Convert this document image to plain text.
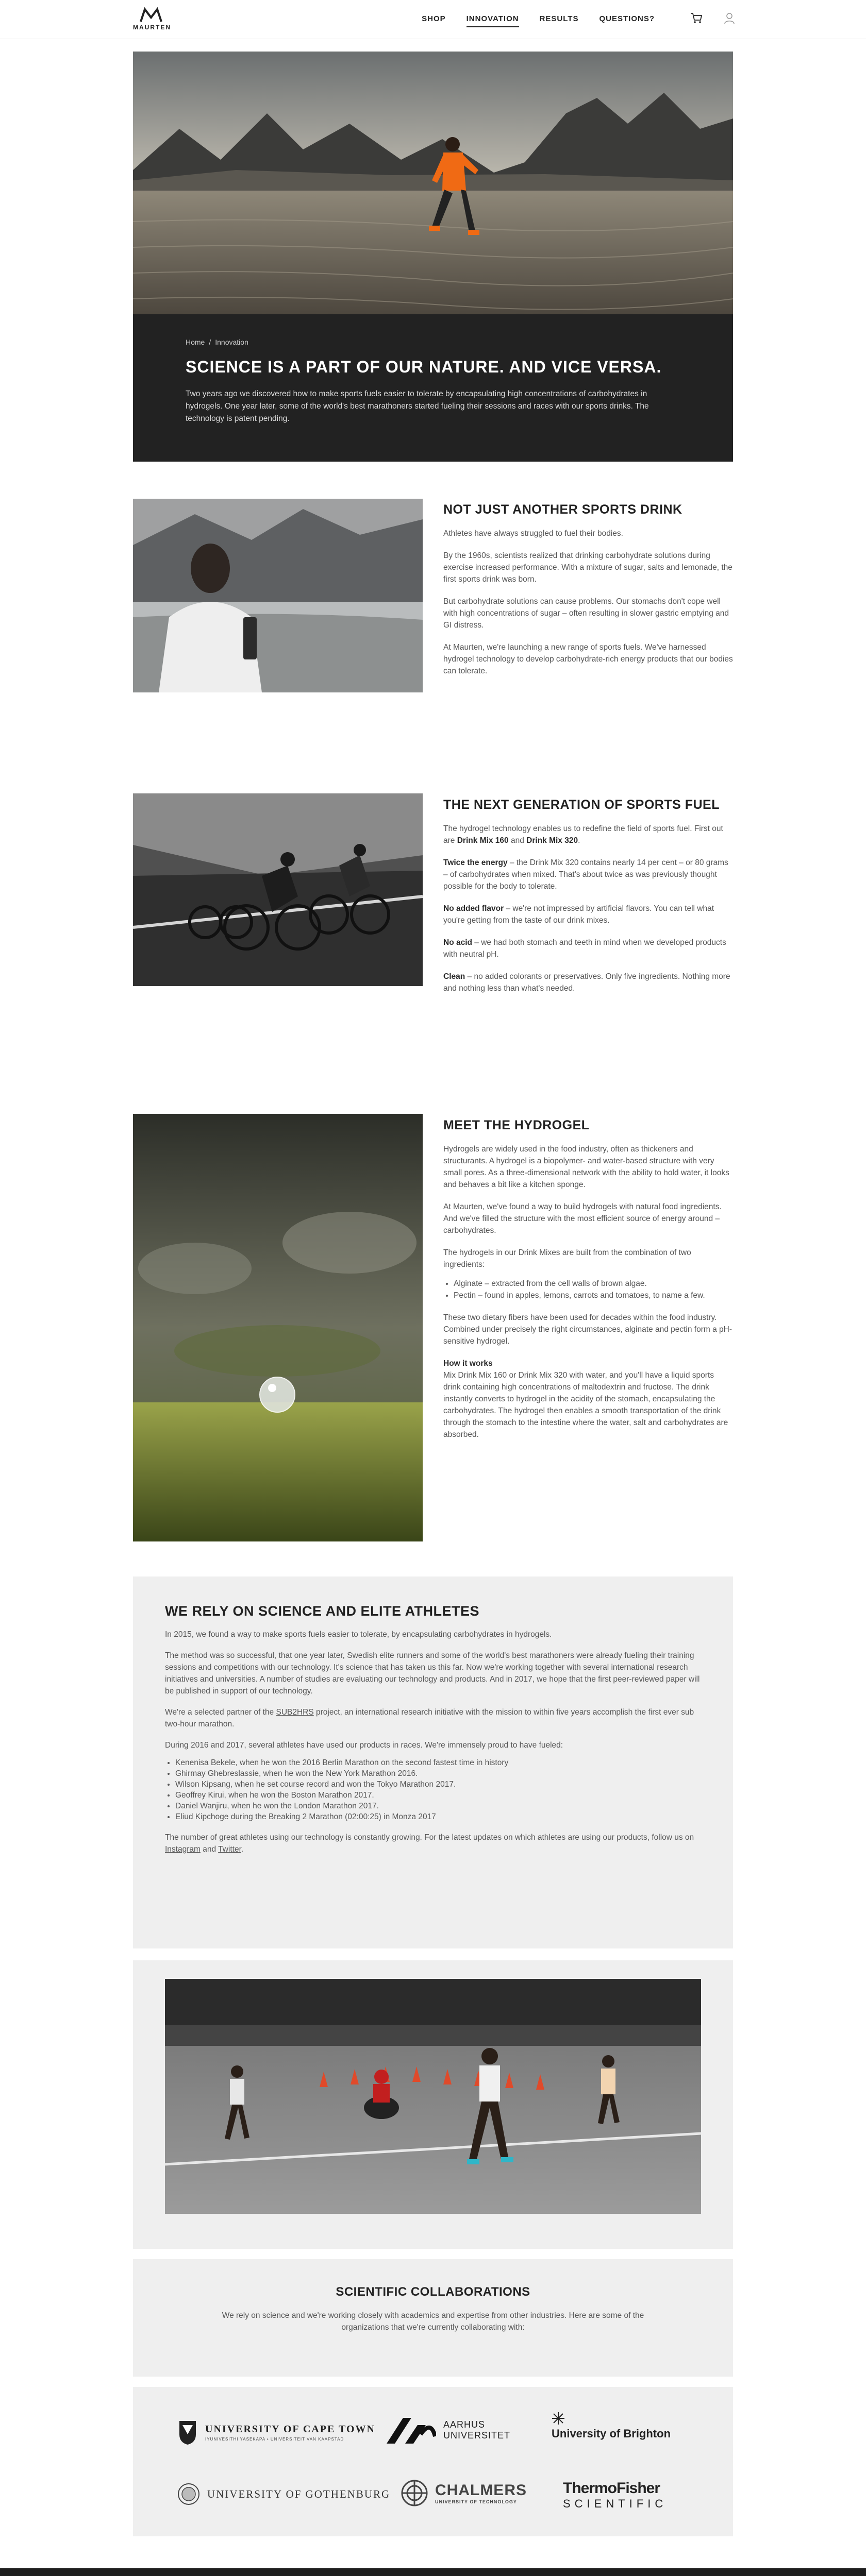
MAURTEN
SHOP	INNOVATION	RESULTS	QUESTIONS?
Home / Innovation
SCIENCE IS A PART OF OUR NATURE. AND VICE VERSA.

Two years ago we discovered how to make sports fuels easier to tolerate by encapsulating high concentrations of carbohydrates in hydrogels. One year later, some of the world's best marathoners started fueling their sessions and races with our sports drinks. The technology is patent pending.

NOT JUST ANOTHER SPORTS DRINK

Athletes have always struggled to fuel their bodies.

By the 1960s, scientists realized that drinking carbohydrate solutions during exercise increased performance. With a mixture of sugar, salts and lemonade, the first sports drink was born.

But carbohydrate solutions can cause problems. Our stomachs don't cope well with high concentrations of sugar – often resulting in slower gastric emptying and GI distress.

At Maurten, we're launching a new range of sports fuels. We've harnessed hydrogel technology to develop carbohydrate-rich energy products that our bodies can tolerate.

THE NEXT GENERATION OF SPORTS FUEL

The hydrogel technology enables us to redefine the field of sports fuel. First out are Drink Mix 160 and Drink Mix 320.

Twice the energy – the Drink Mix 320 contains nearly 14 per cent – or 80 grams – of carbohydrates when mixed. That's about twice as was previously thought possible for the body to tolerate.

No added flavor – we're not impressed by artificial flavors. You can tell what you're getting from the taste of our drink mixes.

No acid – we had both stomach and teeth in mind when we developed products with neutral pH.

Clean – no added colorants or preservatives. Only five ingredients. Nothing more and nothing less than what's needed.

MEET THE HYDROGEL

Hydrogels are widely used in the food industry, often as thickeners and structurants. A hydrogel is a biopolymer- and water-based structure with very small pores. As a three-dimensional network with the ability to hold water, it looks and behaves a bit like a kitchen sponge.

At Maurten, we've found a way to build hydrogels with natural food ingredients. And we've filled the structure with the most efficient source of energy around – carbohydrates.

The hydrogels in our Drink Mixes are built from the combination of two ingredients:

• Alginate – extracted from the cell walls of brown algae.
• Pectin – found in apples, lemons, carrots and tomatoes, to name a few.

These two dietary fibers have been used for decades within the food industry. Combined under precisely the right circumstances, alginate and pectin form a pH-sensitive hydrogel.

How it works

Mix Drink Mix 160 or Drink Mix 320 with water, and you'll have a liquid sports drink containing high concentrations of maltodextrin and fructose. The drink instantly converts to hydrogel in the acidity of the stomach, encapsulating the carbohydrates. The hydrogel then enables a smooth transportation of the drink through the stomach to the intestine where the water, salt and carbohydrates are absorbed.

WE RELY ON SCIENCE AND ELITE ATHLETES

In 2015, we found a way to make sports fuels easier to tolerate, by encapsulating carbohydrates in hydrogels.

The method was so successful, that one year later, Swedish elite runners and some of the world's best marathoners were already fueling their training sessions and competitions with our technology. It's science that has taken us this far. Now we're working together with several international research initiatives and universities. A number of studies are evaluating our technology and products. And in 2017, we hope that the first peer-reviewed paper will be published in support of our technology.

We're a selected partner of the SUB2HRS project, an international research initiative with the mission to within five years accomplish the first ever sub two-hour marathon.

During 2016 and 2017, several athletes have used our products in races. We're immensely proud to have fueled:

• Kenenisa Bekele, when he won the 2016 Berlin Marathon on the second fastest time in history
• Ghirmay Ghebreslassie, when he won the New York Marathon 2016.
• Wilson Kipsang, when he set course record and won the Tokyo Marathon 2017.
• Geoffrey Kirui, when he won the Boston Marathon 2017.
• Daniel Wanjiru, when he won the London Marathon 2017.
• Eliud Kipchoge during the Breaking 2 Marathon (02:00:25) in Monza 2017

The number of great athletes using our technology is constantly growing. For the latest updates on which athletes are using our products, follow us on Instagram and Twitter.

SCIENTIFIC COLLABORATIONS

We rely on science and we're working closely with academics and expertise from other industries. Here are some of the organizations that we're currently collaborating with:

UNIVERSITY OF CAPE TOWN
IYUNIVESITHI YASEKAPA • UNIVERSITEIT VAN KAAPSTAD
AARHUS
UNIVERSITET	University of Brighton
UNIVERSITY OF GOTHENBURG	CHALMERS
UNIVERSITY OF TECHNOLOGY
ThermoFisher
SCIENTIFIC
